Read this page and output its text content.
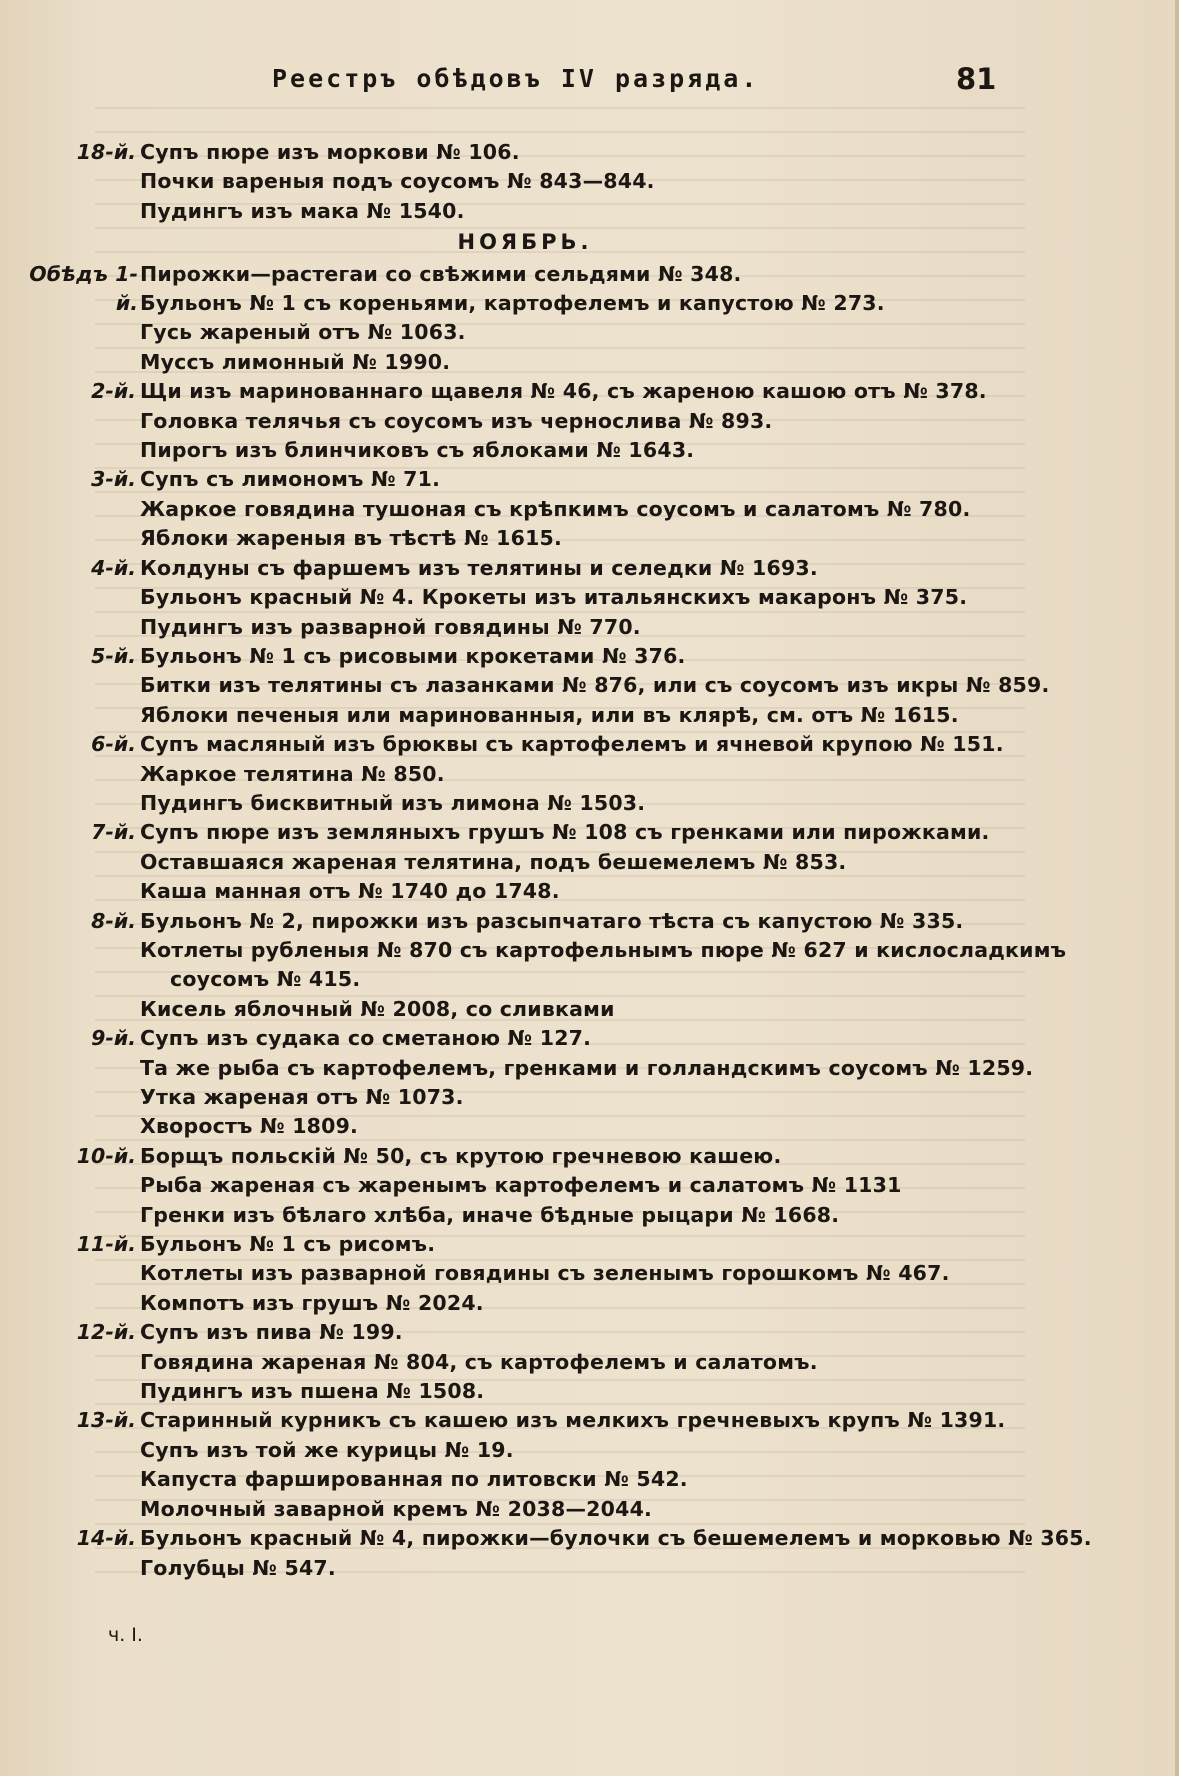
Реестръ обѣдовъ IV разряда.	81
18-й. Супъ пюре изъ моркови № 106.
Почки вареныя подъ соусомъ № 843—844.
Пудингъ изъ мака № 1540.
НОЯБРЬ.
Обѣдъ 1-й.
Пирожки—растегаи со свѣжими сельдями № 348.
Бульонъ № 1 съ кореньями, картофелемъ и капустою № 273.
Гусь жареный отъ № 1063.
Муссъ лимонный № 1990.
2-й. Щи изъ маринованнаго щавеля № 46, съ жареною кашою отъ № 378.
Головка телячья съ соусомъ изъ чернослива № 893.
Пирогъ изъ блинчиковъ съ яблоками № 1643.
3-й. Супъ съ лимономъ № 71.
Жаркое говядина тушоная съ крѣпкимъ соусомъ и салатомъ № 780.
Яблоки жареныя въ тѣстѣ № 1615.
4-й. Колдуны съ фаршемъ изъ телятины и селедки № 1693.
Бульонъ красный № 4. Крокеты изъ итальянскихъ макаронъ № 375.
Пудингъ изъ разварной говядины № 770.
5-й. Бульонъ № 1 съ рисовыми крокетами № 376.
Битки изъ телятины съ лазанками № 876, или съ соусомъ изъ икры № 859.
Яблоки печеныя или маринованныя, или въ клярѣ, см. отъ № 1615.
6-й. Супъ масляный изъ брюквы съ картофелемъ и ячневой крупою № 151.
Жаркое телятина № 850.
Пудингъ бисквитный изъ лимона № 1503.
7-й. Супъ пюре изъ земляныхъ грушъ № 108 съ гренками или пирожками.
Оставшаяся жареная телятина, подъ бешемелемъ № 853.
Каша манная отъ № 1740 до 1748.
8-й. Бульонъ № 2, пирожки изъ разсыпчатаго тѣста съ капустою № 335.
Котлеты рубленыя № 870 съ картофельнымъ пюре № 627 и кислосладкимъ
соусомъ № 415.
Кисель яблочный № 2008, со сливками
9-й. Супъ изъ судака со сметаною № 127.
Та же рыба съ картофелемъ, гренками и голландскимъ соусомъ № 1259.
Утка жареная отъ № 1073.
Хворостъ № 1809.
10-й. Борщъ польскій № 50, съ крутою гречневою кашею.
Рыба жареная съ жаренымъ картофелемъ и салатомъ № 1131
Гренки изъ бѣлаго хлѣба, иначе бѣдные рыцари № 1668.
11-й. Бульонъ № 1 съ рисомъ.
Котлеты изъ разварной говядины съ зеленымъ горошкомъ № 467.
Компотъ изъ грушъ № 2024.
12-й. Супъ изъ пива № 199.
Говядина жареная № 804, съ картофелемъ и салатомъ.
Пудингъ изъ пшена № 1508.
13-й. Старинный курникъ съ кашею изъ мелкихъ гречневыхъ крупъ № 1391.
Супъ изъ той же курицы № 19.
Капуста фаршированная по литовски № 542.
Молочный заварной кремъ № 2038—2044.
14-й. Бульонъ красный № 4, пирожки—булочки съ бешемелемъ и морковью № 365.
Голубцы № 547.
ч. I.
